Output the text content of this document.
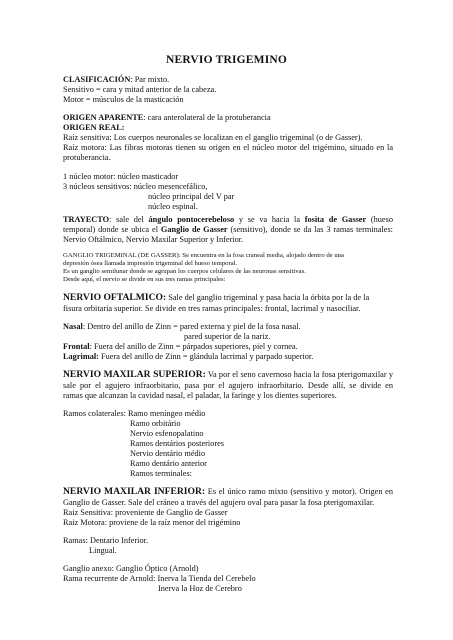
NERVIO TRIGEMINO
CLASIFICACIÓN: Par mixto.
Sensitivo = cara y mitad anterior de la cabeza.
Motor = músculos de la masticación
ORIGEN APARENTE: cara anterolateral de la protuberancia
ORIGEN REAL:
Raíz sensitiva: Los cuerpos neuronales se localizan en el ganglio trigeminal (o de Gasser).
Raíz motora: Las fibras motoras tienen su origen en el núcleo motor del trigémino, situado en la
protuberancia.
1 núcleo motor: núcleo masticador
3 núcleos sensitivos: núcleo mesencefálico,
núcleo principal del V par
núcleo espinal.
TRAYECTO: sale del ángulo pontocerebeloso y se va hacia la fosita de Gasser (hueso
temporal) donde se ubica el Ganglio de Gasser (sensitivo), donde se da las 3 ramas terminales:
Nervio Oftálmico, Nervio Maxilar Superior y Inferior.
GANGLIO TRIGEMINAL (DE GASSER): Se encuentra en la fosa craneal media, alojado dentro de una
depresión ósea llamada impresión trigeminal del hueso temporal.
Es un ganglio semilunar donde se agrupan los cuerpos celulares de las neuronas sensitivas.
Desde aquí, el nervio se divide en sus tres ramas principales:
NERVIO OFTALMICO: Sale del ganglio trigeminal y pasa hacia la órbita por la de la
fisura orbitaria superior. Se divide en tres ramas principales: frontal, lacrimal y nasociliar.
Nasal: Dentro del anillo de Zinn = pared externa y piel de la fosa nasal.
pared superior de la nariz.
Frontal: Fuera del anillo de Zinn = párpados superiores, piel y cornea.
Lagrimal: Fuera del anillo de Zinn = glándula lacrimal y parpado superior.
NERVIO MAXILAR SUPERIOR: Va por el seno cavernoso hacia la fosa pterigomaxilar y
sale por el agujero infraorbitario, pasa por el agujero infraorbitario. Desde allí, se divide en
ramas que alcanzan la cavidad nasal, el paladar, la faringe y los dientes superiores.
Ramos colaterales: Ramo meníngeo médio
Ramo orbitário
Nervio esfenopalatino
Ramos dentários posteriores
Nervio dentário médio
Ramo dentário anterior
Ramos terminales:
NERVIO MAXILAR INFERIOR: Es el único ramo mixto (sensitivo y motor). Origen en
Ganglio de Gasser. Sale del cráneo a través del agujero oval para pasar la fosa pterigomaxilar.
Raiz Sensitiva: proveniente de Ganglio de Gasser
Raiz Motora: proviene de la raíz menor del trigémino
Ramas: Dentario Inferior.
Lingual.
Ganglio anexo: Ganglio Óptico (Arnold)
Rama recurrente de Arnold: Inerva la Tienda del Cerebelo
Inerva la Hoz de Cerebro
